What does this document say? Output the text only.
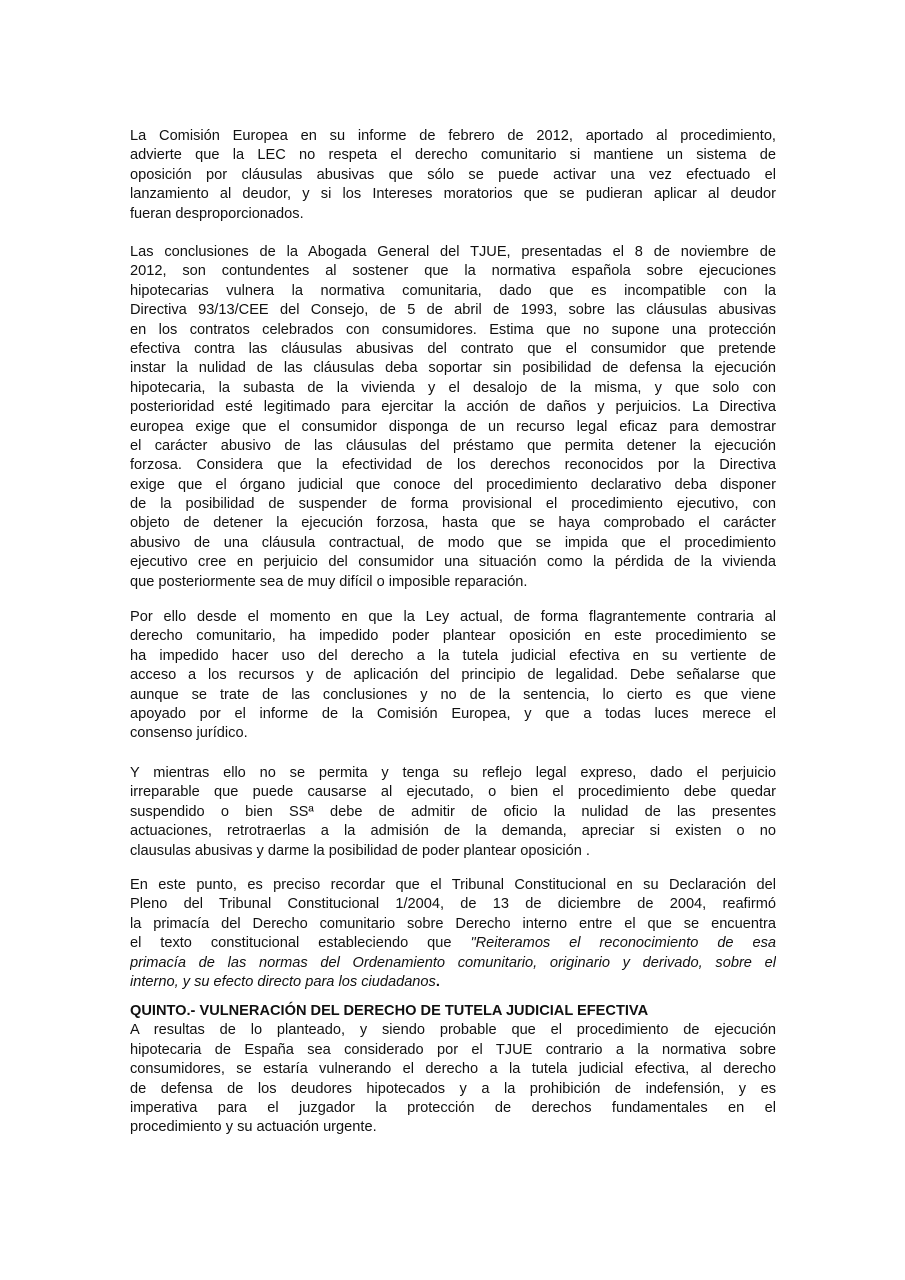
La Comisión Europea en su informe de febrero de 2012, aportado al procedimiento,
advierte que la LEC no respeta el derecho comunitario si mantiene un sistema de
oposición por cláusulas abusivas que sólo se puede activar una vez efectuado el
lanzamiento al deudor, y si los Intereses moratorios que se pudieran aplicar al deudor
fueran desproporcionados.
Las conclusiones de la Abogada General del TJUE, presentadas el 8 de noviembre de
2012, son contundentes al sostener que la normativa española sobre ejecuciones
hipotecarias vulnera la normativa comunitaria, dado que es incompatible con la
Directiva 93/13/CEE del Consejo, de 5 de abril de 1993, sobre las cláusulas abusivas
en los contratos celebrados con consumidores. Estima que no supone una protección
efectiva contra las cláusulas abusivas del contrato que el consumidor que pretende
instar la nulidad de las cláusulas deba soportar sin posibilidad de defensa la ejecución
hipotecaria, la subasta de la vivienda y el desalojo de la misma, y que solo con
posterioridad esté legitimado para ejercitar la acción de daños y perjuicios. La Directiva
europea exige que el consumidor disponga de un recurso legal eficaz para demostrar
el carácter abusivo de las cláusulas del préstamo que permita detener la ejecución
forzosa. Considera que la efectividad de los derechos reconocidos por la Directiva
exige que el órgano judicial que conoce del procedimiento declarativo deba disponer
de la posibilidad de suspender de forma provisional el procedimiento ejecutivo, con
objeto de detener la ejecución forzosa, hasta que se haya comprobado el carácter
abusivo de una cláusula contractual, de modo que se impida que el procedimiento
ejecutivo cree en perjuicio del consumidor una situación como la pérdida de la vivienda
que posteriormente sea de muy difícil o imposible reparación.
Por ello desde el momento en que la Ley actual, de forma flagrantemente contraria al
derecho comunitario, ha impedido poder plantear oposición en este procedimiento se
ha impedido hacer uso del derecho a la tutela judicial efectiva en su vertiente de
acceso a los recursos y de aplicación del principio de legalidad. Debe señalarse que
aunque se trate de las conclusiones y no de la sentencia, lo cierto es que viene
apoyado por el informe de la Comisión Europea, y que a todas luces merece el
consenso jurídico.
Y mientras ello no se permita y tenga su reflejo legal expreso, dado el perjuicio
irreparable que puede causarse al ejecutado, o bien el procedimiento debe quedar
suspendido o bien SSª debe de admitir de oficio la nulidad de las presentes
actuaciones, retrotraerlas a la admisión de la demanda, apreciar si existen o no
clausulas abusivas y darme la posibilidad de poder plantear oposición .
En este punto, es preciso recordar que el Tribunal Constitucional en su Declaración del
Pleno del Tribunal Constitucional 1/2004, de 13 de diciembre de 2004, reafirmó
la primacía del Derecho comunitario sobre Derecho interno entre el que se encuentra
el texto constitucional estableciendo que "Reiteramos el reconocimiento de esa
primacía de las normas del Ordenamiento comunitario, originario y derivado, sobre el
interno, y su efecto directo para los ciudadanos.
QUINTO.- VULNERACIÓN DEL DERECHO DE TUTELA JUDICIAL EFECTIVA
A resultas de lo planteado, y siendo probable que el procedimiento de ejecución
hipotecaria de España sea considerado por el TJUE contrario a la normativa sobre
consumidores, se estaría vulnerando el derecho a la tutela judicial efectiva, al derecho
de defensa de los deudores hipotecados y a la prohibición de indefensión, y es
imperativa para el juzgador la protección de derechos fundamentales en el
procedimiento y su actuación urgente.
